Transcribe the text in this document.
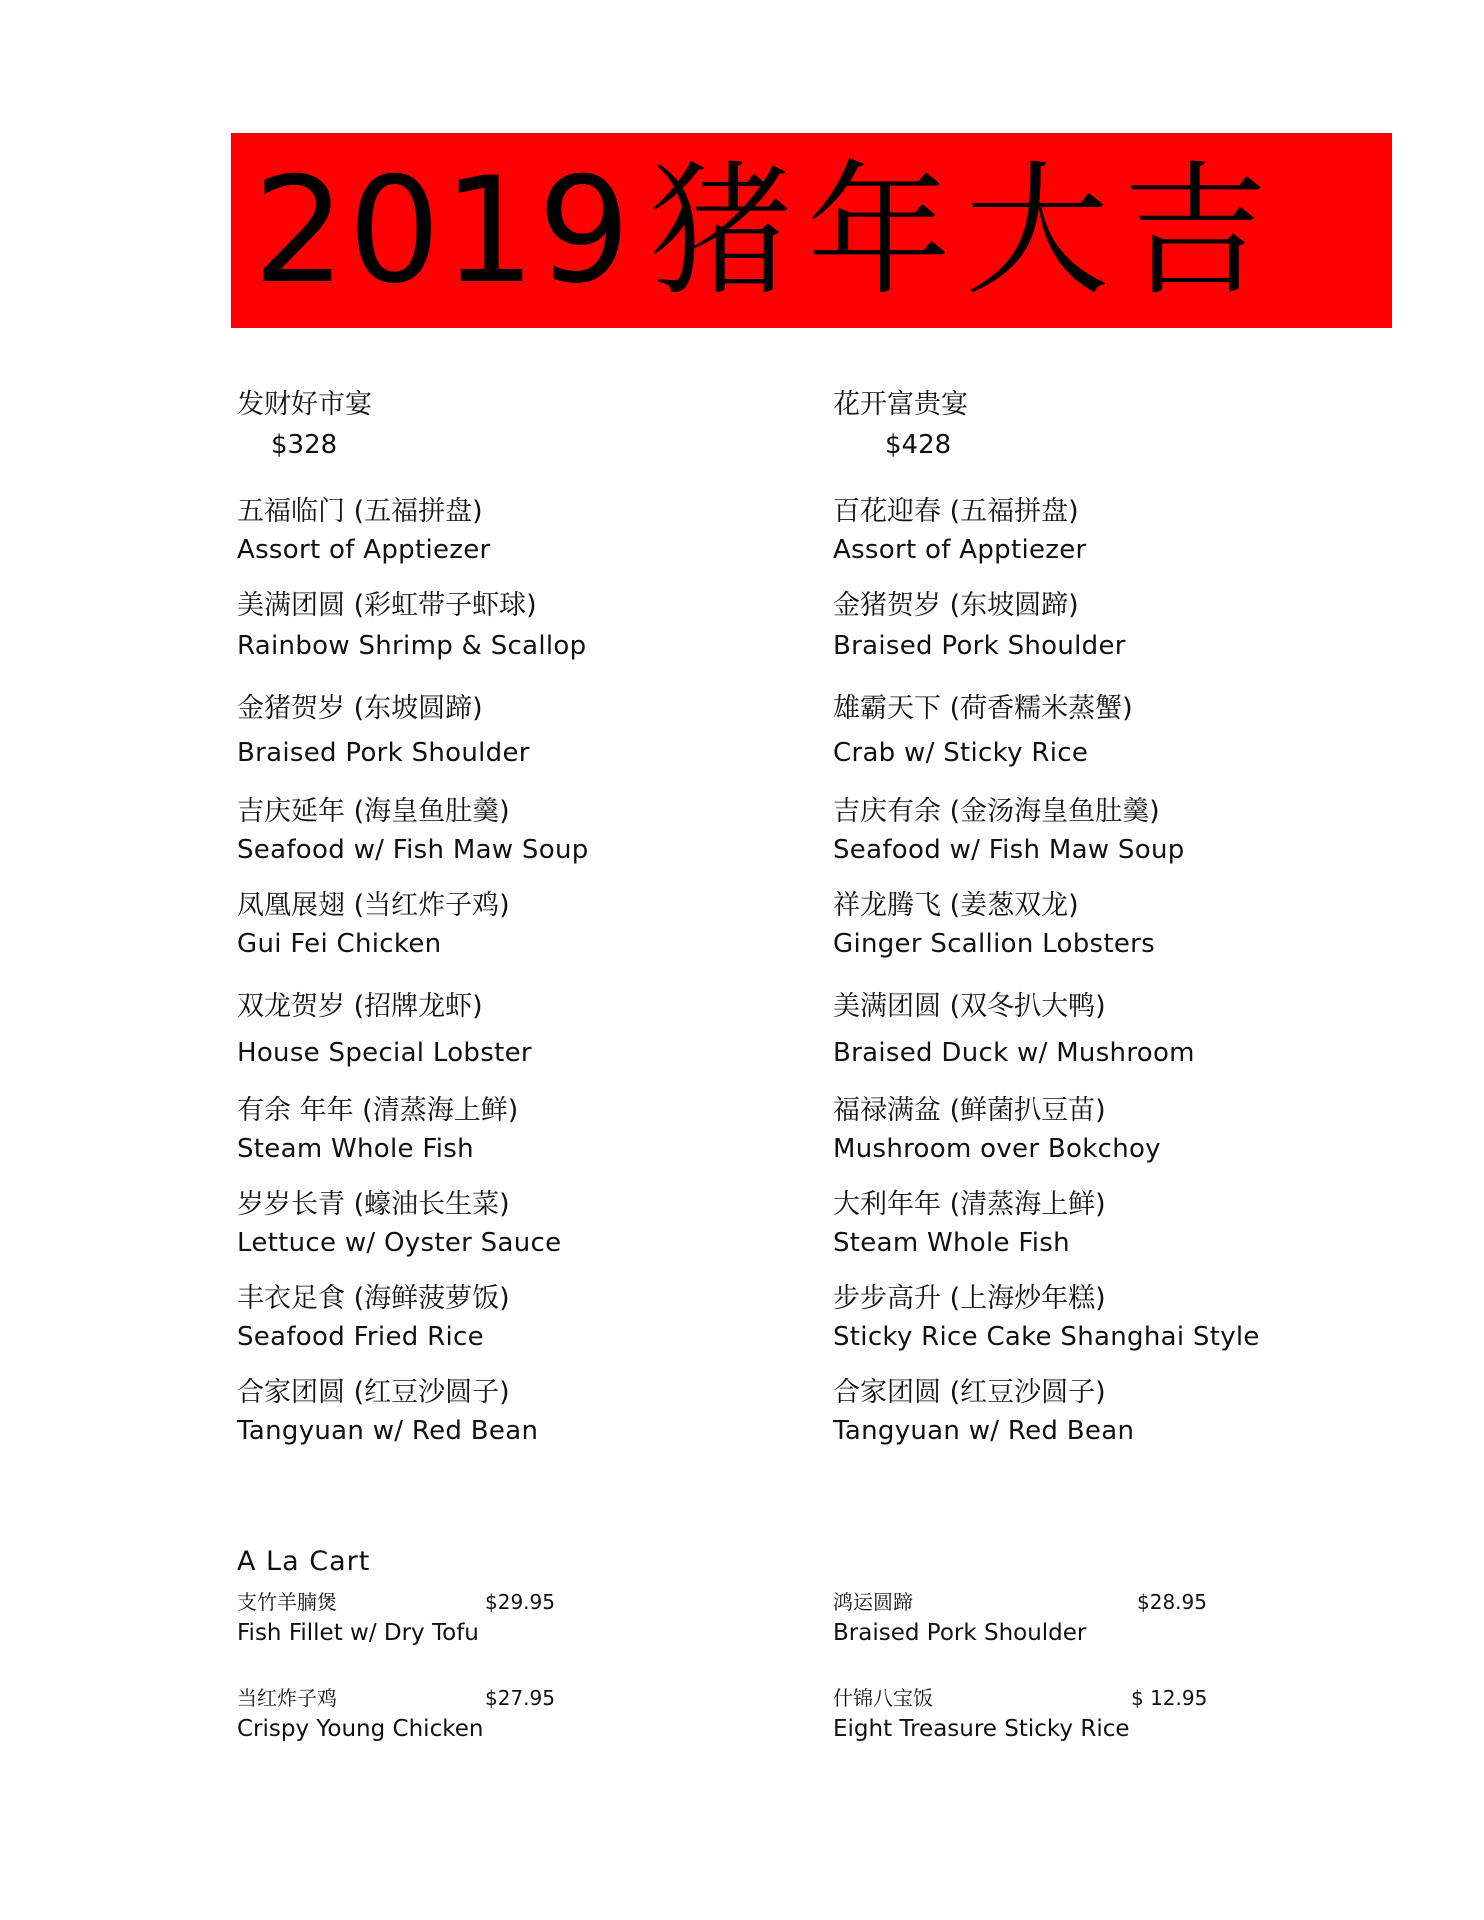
2019 猪年大吉
发财好市宴
$328
五福临门 (五福拼盘)
Assort of Apptiezer
美满团圆 (彩虹带子虾球)
Rainbow Shrimp & Scallop
金猪贺岁 (东坡圆蹄)
Braised Pork Shoulder
吉庆延年 (海皇鱼肚羹)
Seafood w/ Fish Maw Soup
凤凰展翅 (当红炸子鸡)
Gui Fei Chicken
双龙贺岁 (招牌龙虾)
House Special Lobster
有余 年年 (清蒸海上鲜)
Steam Whole Fish
岁岁长青 (蠔油长生菜)
Lettuce w/ Oyster Sauce
丰衣足食 (海鲜菠萝饭)
Seafood Fried Rice
合家团圆 (红豆沙圆子)
Tangyuan w/ Red Bean
花开富贵宴
$428
百花迎春 (五福拼盘)
Assort of Apptiezer
金猪贺岁 (东坡圆蹄)
Braised Pork Shoulder
雄霸天下 (荷香糯米蒸蟹)
Crab w/ Sticky Rice
吉庆有余 (金汤海皇鱼肚羹)
Seafood w/ Fish Maw Soup
祥龙腾飞 (姜葱双龙)
Ginger Scallion Lobsters
美满团圆 (双冬扒大鸭)
Braised Duck w/ Mushroom
福禄满盆 (鲜菌扒豆苗)
Mushroom over Bokchoy
大利年年 (清蒸海上鲜)
Steam Whole Fish
步步高升 (上海炒年糕)
Sticky Rice Cake Shanghai Style
合家团圆 (红豆沙圆子)
Tangyuan w/ Red Bean
A La Cart
支竹羊腩煲	$29.95
Fish Fillet w/ Dry Tofu
鸿运圆蹄	$28.95
Braised Pork Shoulder
当红炸子鸡	$27.95
Crispy Young Chicken
什锦八宝饭	$ 12.95
Eight Treasure Sticky Rice
